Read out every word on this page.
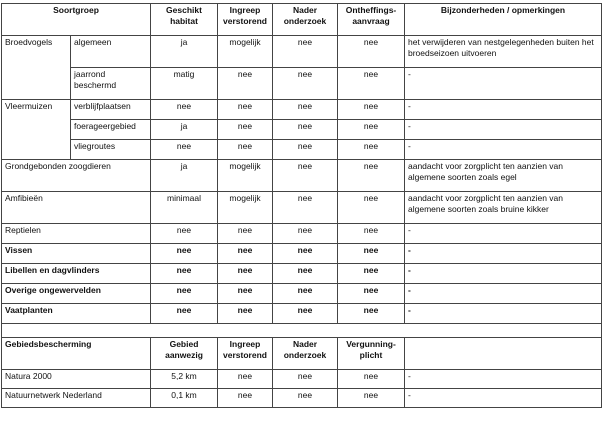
Soortgroep		Geschikt habitat	Ingreep verstorend	Nader onderzoek	Ontheffings-aanvraag	Bijzonderheden / opmerkingen
Broedvogels	algemeen	ja	mogelijk	nee	nee	het verwijderen van nestgelegenheden buiten het broedseizoen uitvoeren
	jaarrond beschermd	matig	nee	nee	nee	-
Vleermuizen	verblijfplaatsen	nee	nee	nee	nee	-
	foerageergebied	ja	nee	nee	nee	-
	vliegroutes	nee	nee	nee	nee	-
Grondgebonden zoogdieren		ja	mogelijk	nee	nee	aandacht voor zorgplicht ten aanzien van algemene soorten zoals egel
Amfibieën		minimaal	mogelijk	nee	nee	aandacht voor zorgplicht ten aanzien van algemene soorten zoals bruine kikker
Reptielen		nee	nee	nee	nee	-
Vissen		nee	nee	nee	nee	-
Libellen en dagvlinders		nee	nee	nee	nee	-
Overige ongewervelden		nee	nee	nee	nee	-
Vaatplanten		nee	nee	nee	nee	-

Gebiedsbescherming		Gebied aanwezig	Ingreep verstorend	Nader onderzoek	Vergunning-plicht	
Natura 2000		5,2 km	nee	nee	nee	-
Natuurnetwerk Nederland		0,1 km	nee	nee	nee	-
